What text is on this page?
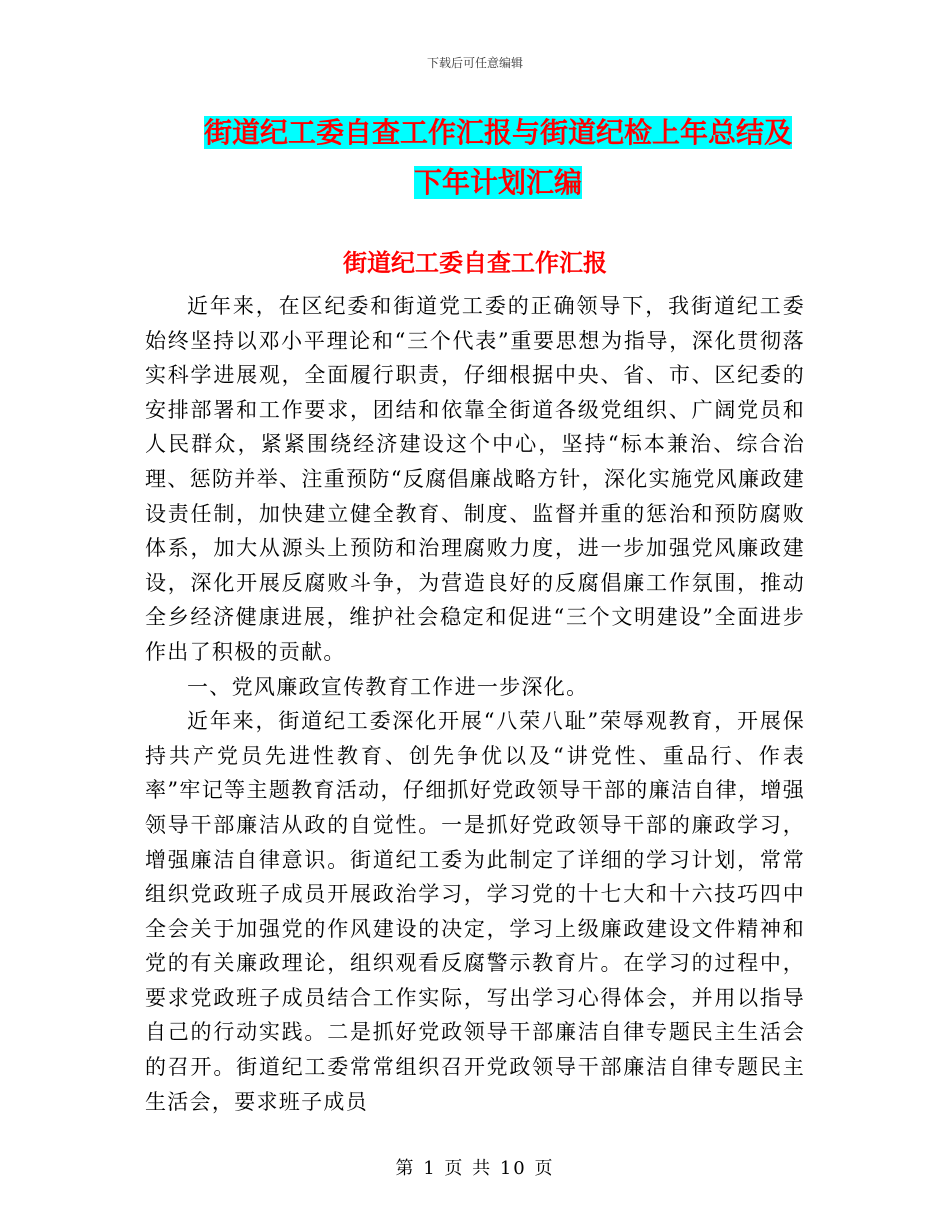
下载后可任意编辑
街道纪工委自查工作汇报与街道纪检上年总结及下年计划汇编
街道纪工委自查工作汇报

近年来，在区纪委和街道党工委的正确领导下，我街道纪工委始终坚持以邓小平理论和“三个代表”重要思想为指导，深化贯彻落实科学进展观，全面履行职责，仔细根据中央、省、市、区纪委的安排部署和工作要求，团结和依靠全街道各级党组织、广阔党员和人民群众，紧紧围绕经济建设这个中心，坚持“标本兼治、综合治理、惩防并举、注重预防“反腐倡廉战略方针，深化实施党风廉政建设责任制，加快建立健全教育、制度、监督并重的惩治和预防腐败体系，加大从源头上预防和治理腐败力度，进一步加强党风廉政建设，深化开展反腐败斗争，为营造良好的反腐倡廉工作氛围，推动全乡经济健康进展，维护社会稳定和促进“三个文明建设”全面进步作出了积极的贡献。

一、党风廉政宣传教育工作进一步深化。

近年来，街道纪工委深化开展“八荣八耻”荣辱观教育，开展保持共产党员先进性教育、创先争优以及“讲党性、重品行、作表率”牢记等主题教育活动，仔细抓好党政领导干部的廉洁自律，增强领导干部廉洁从政的自觉性。一是抓好党政领导干部的廉政学习，增强廉洁自律意识。街道纪工委为此制定了详细的学习计划，常常组织党政班子成员开展政治学习，学习党的十七大和十六技巧四中全会关于加强党的作风建设的决定，学习上级廉政建设文件精神和党的有关廉政理论，组织观看反腐警示教育片。在学习的过程中，要求党政班子成员结合工作实际，写出学习心得体会，并用以指导自己的行动实践。二是抓好党政领导干部廉洁自律专题民主生活会的召开。街道纪工委常常组织召开党政领导干部廉洁自律专题民主生活会，要求班子成员

第 1 页 共 10 页
